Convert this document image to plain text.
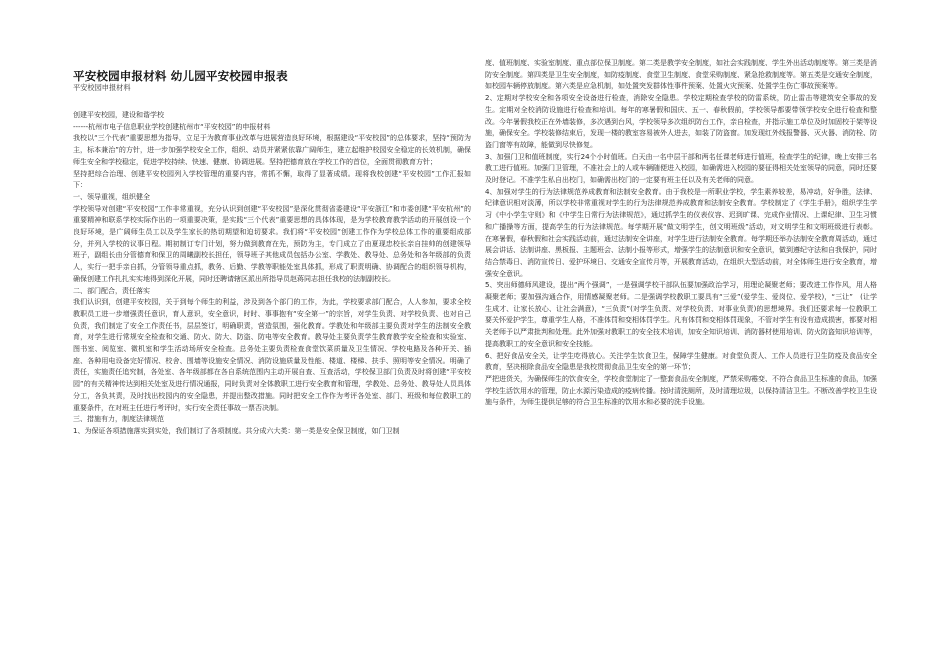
平安校园申报材料 幼儿园平安校园申报表
平安校园申报材料

创建平安校园，建设和谐学校

------杭州市电子信息职业学校创建杭州市“平安校园”的申报材料

我校以“三个代表”重要思想为指导，立足于为教育事业改革与进展营造良好环境，根据建设“平安校园”的总体要求，坚持“预防为主，标本兼治”的方针，进一步加强学校安全工作，组织、动员并紧紧依靠广阔师生，建立起维护校园安全稳定的长效机制，确保师生安全和学校稳定，促进学校持续、快速、健康、协调进展。坚持把德育放在学校工作的首位，全面贯彻教育方针；

坚持把综合治理、创建平安校园列入学校管理的重要内容，常抓不懈，取得了显著成绩。现将我校创建“平安校园”工作汇报如下：

一、领导重视，组织健全

学校领导对创建“平安校园”工作非常重视，充分认识到创建“平安校园”是深化贯彻省委建设“平安浙江”和市委创建“平安杭州”的重要精神和联系学校实际作出的一项重要决策，是实践“三个代表”重要思想的具体体现，是为学校教育教学活动的开展创设一个良好环境，是广阔师生员工以及学生家长的热切期望和迫切要求。我们将“平安校园”创建工作作为学校总体工作的重要组成部分，并列入学校的议事日程。期初制订专门计划，努力做到教育在先，预防为主，专门成立了由夏现忠校长亲自挂帅的创建领导班子，副组长由分管德育和保卫的周曦副校长担任，领导班子其他成员包括办公室、学教处、教导处、总务处和各年级部的负责人，实行一把手亲自抓，分管领导重点抓，教务、后勤、学教等职能处室具体抓，形成了职责明确、协调配合的组织领导机构，确保创建工作扎扎实实地得到深化开展，同时还聘请辖区派出所指导员赵蒋同志担任我校的法制副校长。

二、部门配合，责任落实

我们认识到，创建平安校园，关于到每个师生的利益，涉及到各个部门的工作，为此，学校要求部门配合，人人参加，要求全校教职员工进一步增强责任意识，育人意识，安全意识，时时、事事抱有“安全第一”的宗旨，对学生负责、对学校负责、也对自己负责，我们制定了安全工作责任书，层层签订，明确职责，营造氛围，强化教育。学教处和年级部主要负责对学生的法制安全教育，对学生进行常规安全检查和交通、防火、防大、防盗、防电等安全教育。教导处主要负责学生教育教学安全检查和实验室、图书室、阅览室、微机室和学生活动场所安全检查。总务处主要负责检查食堂饮菜质量及卫生情况、学校电路及各种开关、插座、各种用电设备完好情况、校舍、围墙等设施安全情况、消防设施质量及性能、楼道、楼梯、扶手、照明等安全情况。明确了责任，实施责任追究制，各处室、各年级部都在各自系统范围内主动开展自查、互查活动，学校保卫部门负责及时将创建“平安校园”的有关精神传达到相关处室及进行情况通报，同时负责对全体教职工进行安全教育和管理，学教处、总务处、教导处人员具体分工，各负其责，及时找出校园内的安全隐患，并提出整改措施。同时把安全工作作为考评各处室、部门、班级和每位教职工的重要条件，在对班主任进行考评时，实行安全责任事故一票否决制。

三、措施有力，制度法律规范

1、为保证各项措施落实到实处，我们制订了各项制度。共分成六大类：第一类是安全保卫制度，如门卫制

度、值班制度、实验室制度、重点部位保卫制度。第二类是教学安全制度，如社会实践制度、学生外出活动制度等。第三类是消防安全制度。第四类是卫生安全制度，如防疫制度、食堂卫生制度、食堂采购制度、紧急抢救制度等。第五类是交通安全制度，如校园车辆停放制度。第六类是应急机制，如处置突发群体性事件预案、处置火灾预案、处置学生伤亡事故预案等。

2、定期对学校安全和各项安全设备进行检查，消除安全隐患。学校定期检查学校的防雷系统，防止雷击等建筑安全事故的发生。定期对全校消防设施进行检查和培训。每年的寒暑假和国庆、五一、春秋假前，学校领导都要带领学校安全进行检查和整改。今年暑假我校正在外墙装修，多次遇到台风，学校领导多次组织防台工作，亲自检查，并指示施工单位及时加固校于架等设施，确保安全。学校装修结束后，发现一楼的教室容易被外人进去，如装了防盗窗。加发现红外线报警器、灭火器、消防栓、防盗门窗等有故障，能做到尽快修复。

3、加强门卫和值班制度，实行24个小时值班。白天由一名中层干部和两名任课老师进行值班，检查学生的纪律，晚上安排三名教工进行值班。加强门卫管理，不准社会上的人或车辆随便进入校园，如确需进入校园的要征得相关处室领导的同意，同时还要及时登记。不准学生私自出校门，如确需出校门的一定要有班主任以及有关老师的同意。

4、加强对学生的行为法律规范养成教育和法制安全教育。由于我校是一所职业学校，学生素养较差，易冲动，好争胜，法律、纪律意识相对淡薄，所以学校非常重视对学生的行为法律规范养成教育和法制安全教育。学校制定了《学生手册》，组织学生学习《中小学生守则》和《中学生日常行为法律规范》，通过抓学生的仪表仪容、迟到旷课、完成作业情况、上课纪律、卫生习惯和广播操等方面，提高学生的行为法律规范。每学期开展“做文明学生，创文明班级”活动，对文明学生和文明班级进行表彰。在寒暑假，春秋假和社会实践活动前，通过法制安全讲座，对学生进行法制安全教育。每学期还举办法制安全教育周活动，通过展会讲话、法制讲座、黑板报、主题班会、法制小报等形式，增强学生的法制意识和安全意识，做到遵纪守法和自我保护，同时结合禁毒日、消防宣传日、爱护环境日、交通安全宣传月等，开展教育活动，在组织大型活动前，对全体师生进行安全教育，增强安全意识。

5、突出师德师风建设，提出“两个强调”，一是强调学校干部队伍要加强政治学习，用理论凝聚老师；要改进工作作风，用人格凝聚老师；要加强沟通合作，用情感凝聚老师。二是强调学校教职工要具有“三爱”(爱学生、爱岗位、爱学校)，“三让”　(让学生成才、让家长放心、让社会满意)，“三负责”(对学生负责、对学校负责、对事业负责)的思想境界。我们还要求每一位教职工要关怀爱护学生，尊重学生人格，不准体罚和变相体罚学生。凡有体罚和变相体罚现象，不管对学生有没有造成损害，都要对相关老师予以严肃批判和处理。此外加强对教职工的安全技术培训，加安全知识培训、消防器材使用培训、防火防盗知识培训等，提高教职工的安全意识和安全技能。

6、把好食品安全关，让学生吃得放心。关注学生饮食卫生，保障学生健康。对食堂负责人、工作人员进行卫生防疫及食品安全教育，坚决根除食品安全隐患是我校贯彻食品卫生安全的第一环节；

严把进货关，为确保师生的饮食安全，学校食堂制定了一整套食品安全制度，严禁采购霉变、不符合食品卫生标准的食品，加强学校生活饮用水的管理，防止水源污染造成的疫病传播。按时清洗厕所，及时清理垃圾，以保持清洁卫生。不断改善学校卫生设施与条件，为师生提供足够的符合卫生标准的饮用水和必要的洗手设施。
